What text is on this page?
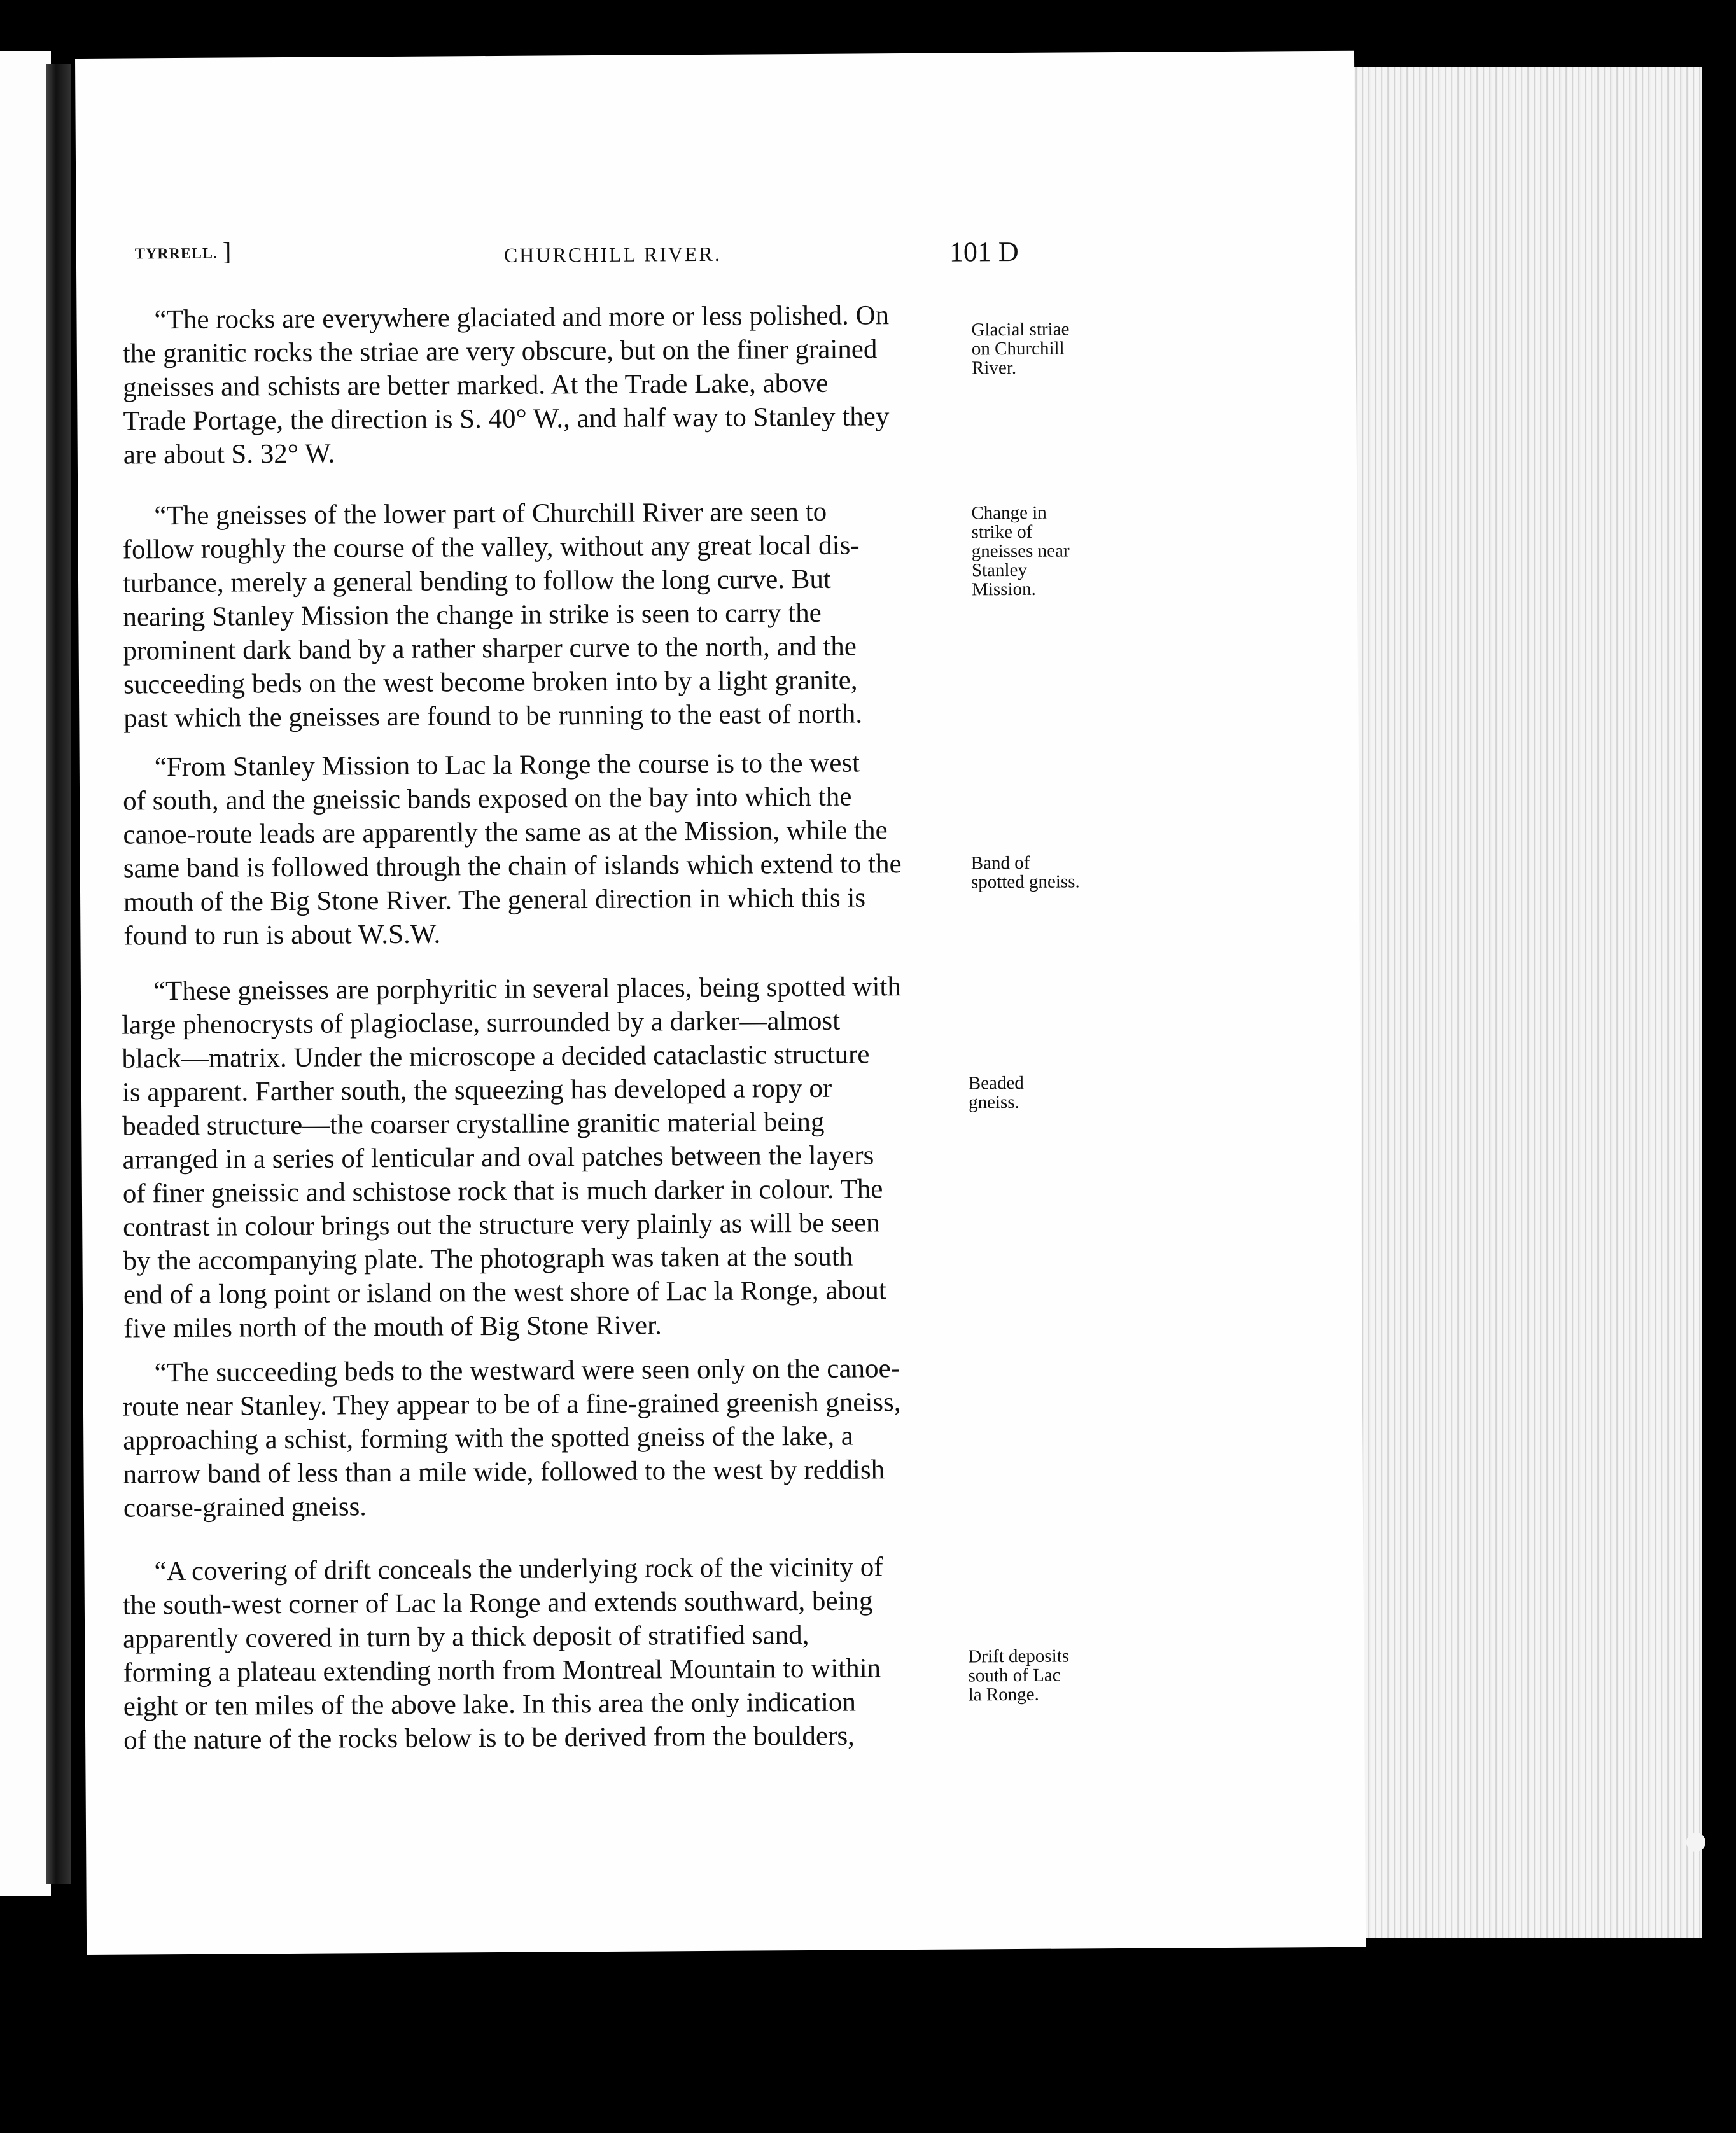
TYRRELL. ]	CHURCHILL RIVER.	101 D

“The rocks are everywhere glaciated and more or less polished. On
the granitic rocks the striae are very obscure, but on the finer grained
gneisses and schists are better marked. At the Trade Lake, above
Trade Portage, the direction is S. 40° W., and half way to Stanley they
are about S. 32° W.

“The gneisses of the lower part of Churchill River are seen to
follow roughly the course of the valley, without any great local dis-
turbance, merely a general bending to follow the long curve. But
nearing Stanley Mission the change in strike is seen to carry the
prominent dark band by a rather sharper curve to the north, and the
succeeding beds on the west become broken into by a light granite,
past which the gneisses are found to be running to the east of north.

“From Stanley Mission to Lac la Ronge the course is to the west
of south, and the gneissic bands exposed on the bay into which the
canoe-route leads are apparently the same as at the Mission, while the
same band is followed through the chain of islands which extend to the
mouth of the Big Stone River. The general direction in which this is
found to run is about W.S.W.

“These gneisses are porphyritic in several places, being spotted with
large phenocrysts of plagioclase, surrounded by a darker—almost
black—matrix. Under the microscope a decided cataclastic structure
is apparent. Farther south, the squeezing has developed a ropy or
beaded structure—the coarser crystalline granitic material being
arranged in a series of lenticular and oval patches between the layers
of finer gneissic and schistose rock that is much darker in colour. The
contrast in colour brings out the structure very plainly as will be seen
by the accompanying plate. The photograph was taken at the south
end of a long point or island on the west shore of Lac la Ronge, about
five miles north of the mouth of Big Stone River.

“The succeeding beds to the westward were seen only on the canoe-
route near Stanley. They appear to be of a fine-grained greenish gneiss,
approaching a schist, forming with the spotted gneiss of the lake, a
narrow band of less than a mile wide, followed to the west by reddish
coarse-grained gneiss.

“A covering of drift conceals the underlying rock of the vicinity of
the south-west corner of Lac la Ronge and extends southward, being
apparently covered in turn by a thick deposit of stratified sand,
forming a plateau extending north from Montreal Mountain to within
eight or ten miles of the above lake. In this area the only indication
of the nature of the rocks below is to be derived from the boulders,

Glacial striae
on Churchill
River.
Change in
strike of
gneisses near
Stanley
Mission.
Band of
spotted gneiss.
Beaded
gneiss.
Drift deposits
south of Lac
la Ronge.
